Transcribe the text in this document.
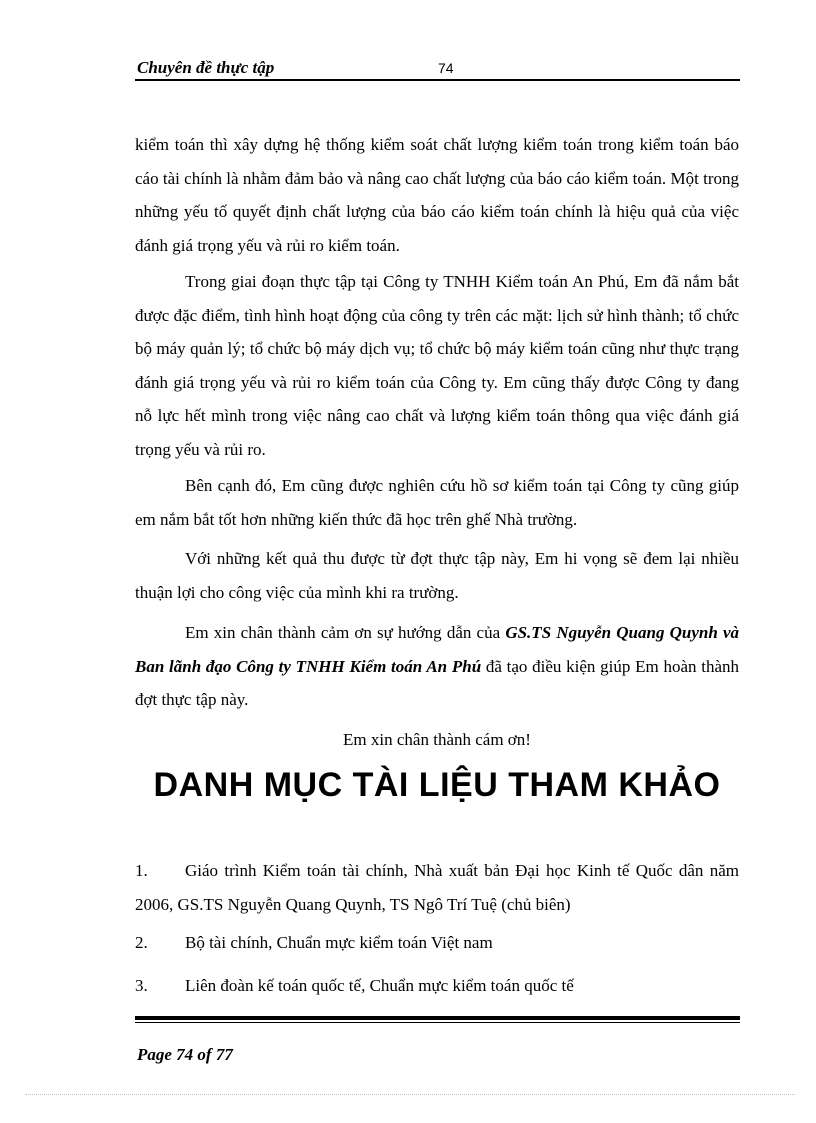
Chuyên đề thực tập	74

kiểm toán thì xây dựng hệ thống kiểm soát chất lượng kiểm toán trong kiểm toán báo cáo tài chính là nhằm đảm bảo và nâng cao chất lượng của báo cáo kiểm toán. Một trong những yếu tố quyết định chất lượng của báo cáo kiểm toán chính là hiệu quả của việc đánh giá trọng yếu và rủi ro kiểm toán.

Trong giai đoạn thực tập tại Công ty TNHH Kiểm toán An Phú, Em đã nắm bắt được đặc điểm, tình hình hoạt động của công ty trên các mặt: lịch sử hình thành; tổ chức bộ máy quản lý; tổ chức bộ máy dịch vụ; tổ chức bộ máy kiểm toán cũng như thực trạng đánh giá trọng yếu và rủi ro kiểm toán của Công ty. Em cũng thấy được Công ty đang nỗ lực hết mình trong việc nâng cao chất và lượng kiểm toán thông qua việc đánh giá trọng yếu và rủi ro.

Bên cạnh đó, Em cũng được nghiên cứu hồ sơ kiểm toán tại Công ty cũng giúp em nắm bắt tốt hơn những kiến thức đã học trên ghế Nhà trường.

Với những kết quả thu được từ đợt thực tập này, Em hi vọng sẽ đem lại nhiều thuận lợi cho công việc của mình khi ra trường.

Em xin chân thành cảm ơn sự hướng dẫn của GS.TS Nguyễn Quang Quynh và Ban lãnh đạo Công ty TNHH Kiểm toán An Phú đã tạo điều kiện giúp Em hoàn thành đợt thực tập này.

Em xin chân thành cám ơn!

DANH MỤC TÀI LIỆU THAM KHẢO

1. Giáo trình Kiểm toán tài chính, Nhà xuất bản Đại học Kinh tế Quốc dân năm 2006, GS.TS Nguyễn Quang Quynh, TS Ngô Trí Tuệ (chủ biên)

2. Bộ tài chính, Chuẩn mực kiểm toán Việt nam

3. Liên đoàn kế toán quốc tế, Chuẩn mực kiểm toán quốc tế

Page 74 of 77
